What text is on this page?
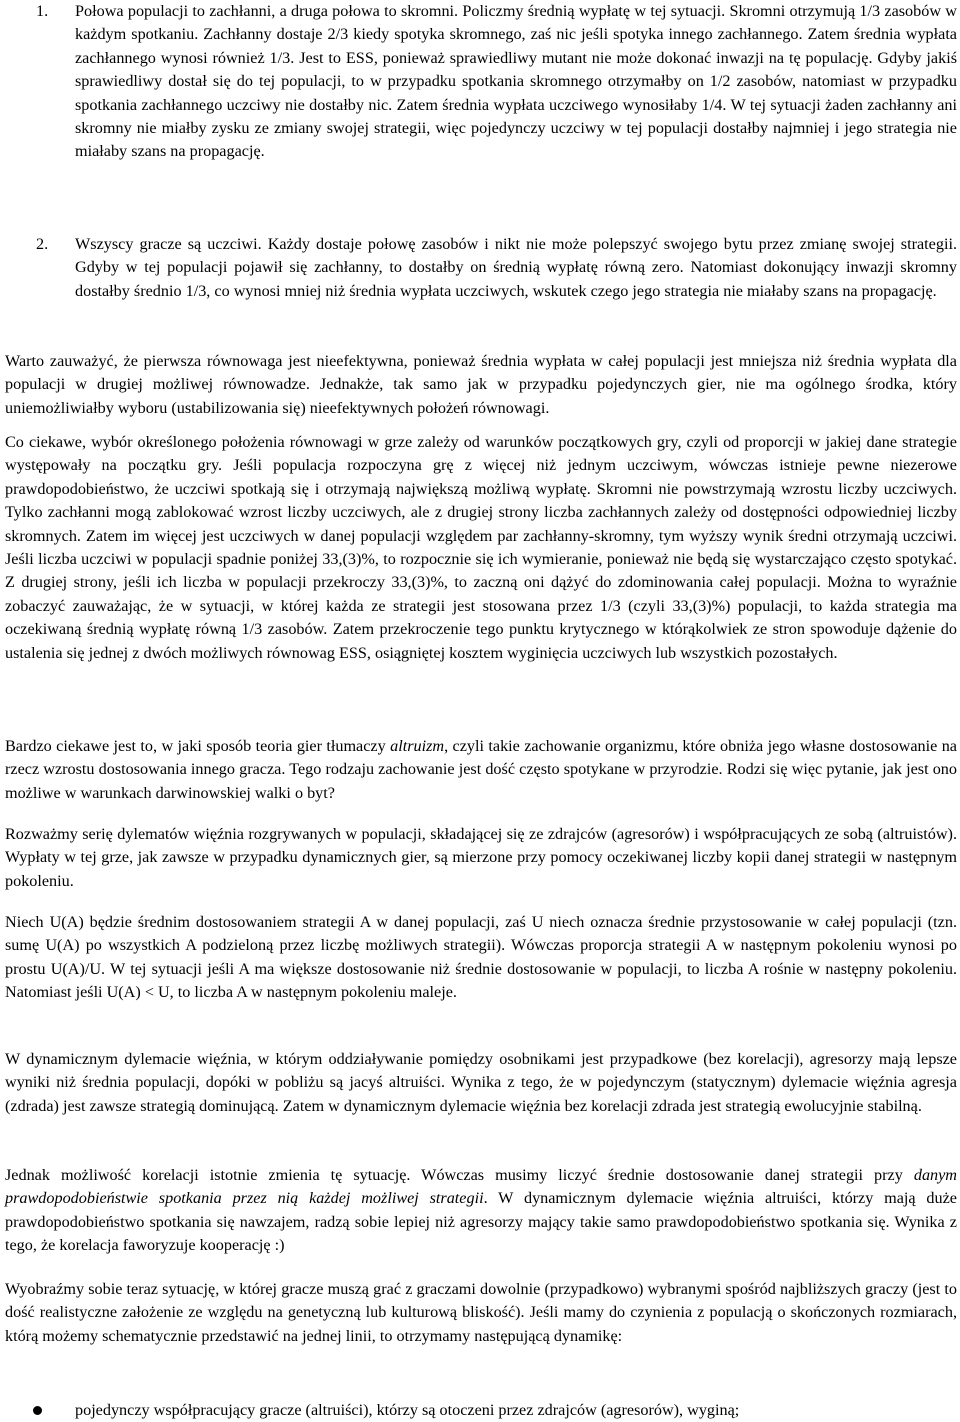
1. Połowa populacji to zachłanni, a druga połowa to skromni. Policzmy średnią wypłatę w tej sytuacji. Skromni otrzymują 1/3 zasobów w każdym spotkaniu. Zachłanny dostaje 2/3 kiedy spotyka skromnego, zaś nic jeśli spotyka innego zachłannego. Zatem średnia wypłata zachłannego wynosi również 1/3. Jest to ESS, ponieważ sprawiedliwy mutant nie może dokonać inwazji na tę populację. Gdyby jakiś sprawiedliwy dostał się do tej populacji, to w przypadku spotkania skromnego otrzymałby on 1/2 zasobów, natomiast w przypadku spotkania zachłannego uczciwy nie dostałby nic. Zatem średnia wypłata uczciwego wynosiłaby 1/4. W tej sytuacji żaden zachłanny ani skromny nie miałby zysku ze zmiany swojej strategii, więc pojedynczy uczciwy w tej populacji dostałby najmniej i jego strategia nie miałaby szans na propagację.

2. Wszyscy gracze są uczciwi. Każdy dostaje połowę zasobów i nikt nie może polepszyć swojego bytu przez zmianę swojej strategii. Gdyby w tej populacji pojawił się zachłanny, to dostałby on średnią wypłatę równą zero. Natomiast dokonujący inwazji skromny dostałby średnio 1/3, co wynosi mniej niż średnia wypłata uczciwych, wskutek czego jego strategia nie miałaby szans na propagację.

Warto zauważyć, że pierwsza równowaga jest nieefektywna, ponieważ średnia wypłata w całej populacji jest mniejsza niż średnia wypłata dla populacji w drugiej możliwej równowadze. Jednakże, tak samo jak w przypadku pojedynczych gier, nie ma ogólnego środka, który uniemożliwiałby wyboru (ustabilizowania się) nieefektywnych położeń równowagi.

Co ciekawe, wybór określonego położenia równowagi w grze zależy od warunków początkowych gry, czyli od proporcji w jakiej dane strategie występowały na początku gry. Jeśli populacja rozpoczyna grę z więcej niż jednym uczciwym, wówczas istnieje pewne niezerowe prawdopodobieństwo, że uczciwi spotkają się i otrzymają największą możliwą wypłatę. Skromni nie powstrzymają wzrostu liczby uczciwych. Tylko zachłanni mogą zablokować wzrost liczby uczciwych, ale z drugiej strony liczba zachłannych zależy od dostępności odpowiedniej liczby skromnych. Zatem im więcej jest uczciwych w danej populacji względem par zachłanny-skromny, tym wyższy wynik średni otrzymają uczciwi. Jeśli liczba uczciwi w populacji spadnie poniżej 33,(3)%, to rozpocznie się ich wymieranie, ponieważ nie będą się wystarczająco często spotykać. Z drugiej strony, jeśli ich liczba w populacji przekroczy 33,(3)%, to zaczną oni dążyć do zdominowania całej populacji. Można to wyraźnie zobaczyć zauważając, że w sytuacji, w której każda ze strategii jest stosowana przez 1/3 (czyli 33,(3)%) populacji, to każda strategia ma oczekiwaną średnią wypłatę równą 1/3 zasobów. Zatem przekroczenie tego punktu krytycznego w którąkolwiek ze stron spowoduje dążenie do ustalenia się jednej z dwóch możliwych równowag ESS, osiągniętej kosztem wyginięcia uczciwych lub wszystkich pozostałych.

Bardzo ciekawe jest to, w jaki sposób teoria gier tłumaczy altruizm, czyli takie zachowanie organizmu, które obniża jego własne dostosowanie na rzecz wzrostu dostosowania innego gracza. Tego rodzaju zachowanie jest dość często spotykane w przyrodzie. Rodzi się więc pytanie, jak jest ono możliwe w warunkach darwinowskiej walki o byt?

Rozważmy serię dylematów więźnia rozgrywanych w populacji, składającej się ze zdrajców (agresorów) i współpracujących ze sobą (altruistów). Wypłaty w tej grze, jak zawsze w przypadku dynamicznych gier, są mierzone przy pomocy oczekiwanej liczby kopii danej strategii w następnym pokoleniu.

Niech U(A) będzie średnim dostosowaniem strategii A w danej populacji, zaś U niech oznacza średnie przystosowanie w całej populacji (tzn. sumę U(A) po wszystkich A podzieloną przez liczbę możliwych strategii). Wówczas proporcja strategii A w następnym pokoleniu wynosi po prostu U(A)/U. W tej sytuacji jeśli A ma większe dostosowanie niż średnie dostosowanie w populacji, to liczba A rośnie w następny pokoleniu. Natomiast jeśli U(A) < U, to liczba A w następnym pokoleniu maleje.

W dynamicznym dylemacie więźnia, w którym oddziaływanie pomiędzy osobnikami jest przypadkowe (bez korelacji), agresorzy mają lepsze wyniki niż średnia populacji, dopóki w pobliżu są jacyś altruiści. Wynika z tego, że w pojedynczym (statycznym) dylemacie więźnia agresja (zdrada) jest zawsze strategią dominującą. Zatem w dynamicznym dylemacie więźnia bez korelacji zdrada jest strategią ewolucyjnie stabilną.

Jednak możliwość korelacji istotnie zmienia tę sytuację. Wówczas musimy liczyć średnie dostosowanie danej strategii przy danym prawdopodobieństwie spotkania przez nią każdej możliwej strategii. W dynamicznym dylemacie więźnia altruiści, którzy mają duże prawdopodobieństwo spotkania się nawzajem, radzą sobie lepiej niż agresorzy mający takie samo prawdopodobieństwo spotkania się. Wynika z tego, że korelacja faworyzuje kooperację :)

Wyobraźmy sobie teraz sytuację, w której gracze muszą grać z graczami dowolnie (przypadkowo) wybranymi spośród najbliższych graczy (jest to dość realistyczne założenie ze względu na genetyczną lub kulturową bliskość). Jeśli mamy do czynienia z populacją o skończonych rozmiarach, którą możemy schematycznie przedstawić na jednej linii, to otrzymamy następującą dynamikę:

pojedynczy współpracujący gracze (altruiści), którzy są otoczeni przez zdrajców (agresorów), wyginą;
